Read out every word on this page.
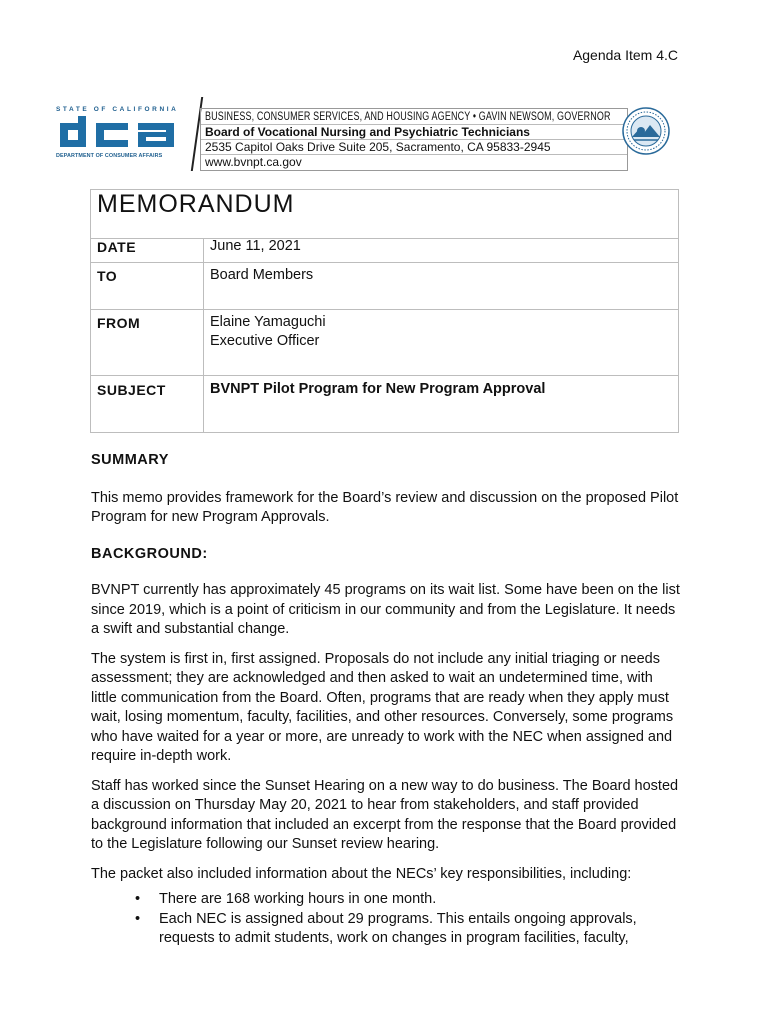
Agenda Item 4.C
STATE OF CALIFORNIA
DEPARTMENT OF CONSUMER AFFAIRS
BUSINESS, CONSUMER SERVICES, AND HOUSING AGENCY • GAVIN NEWSOM, GOVERNOR
Board of Vocational Nursing and Psychiatric Technicians
2535 Capitol Oaks Drive Suite 205, Sacramento, CA 95833-2945
www.bvnpt.ca.gov
MEMORANDUM
DATE	June 11, 2021
TO	Board Members
FROM	Elaine Yamaguchi
Executive Officer
SUBJECT	BVNPT Pilot Program for New Program Approval
SUMMARY

This memo provides framework for the Board’s review and discussion on the proposed Pilot Program for new Program Approvals.

BACKGROUND:

BVNPT currently has approximately 45 programs on its wait list. Some have been on the list since 2019, which is a point of criticism in our community and from the Legislature. It needs a swift and substantial change.

The system is first in, first assigned. Proposals do not include any initial triaging or needs assessment; they are acknowledged and then asked to wait an undetermined time, with little communication from the Board. Often, programs that are ready when they apply must wait, losing momentum, faculty, facilities, and other resources. Conversely, some programs who have waited for a year or more, are unready to work with the NEC when assigned and require in-depth work.

Staff has worked since the Sunset Hearing on a new way to do business. The Board hosted a discussion on Thursday May 20, 2021 to hear from stakeholders, and staff provided background information that included an excerpt from the response that the Board provided to the Legislature following our Sunset review hearing.

The packet also included information about the NECs’ key responsibilities, including:

• There are 168 working hours in one month.
• Each NEC is assigned about 29 programs. This entails ongoing approvals, requests to admit students, work on changes in program facilities, faculty,
